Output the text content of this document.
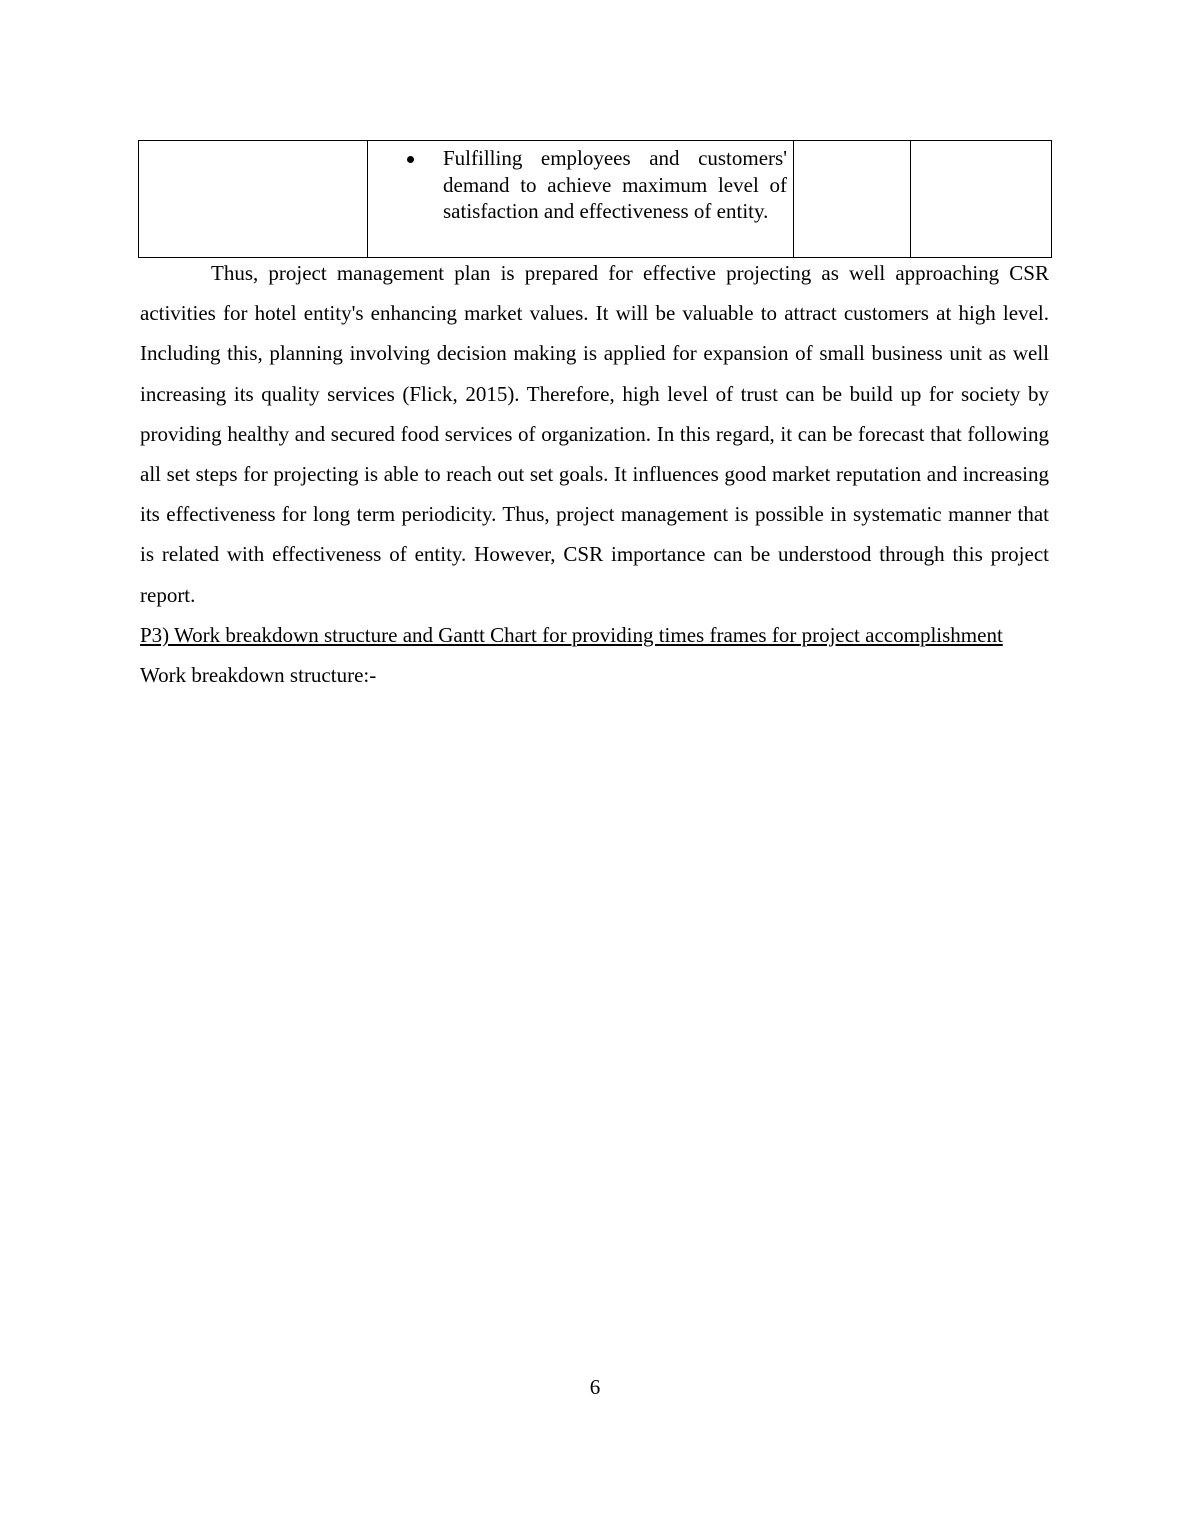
Fulfilling employees and customers' demand to achieve maximum level of satisfaction and effectiveness of entity.

Thus, project management plan is prepared for effective projecting as well approaching CSR activities for hotel entity's enhancing market values. It will be valuable to attract customers at high level. Including this, planning involving decision making is applied for expansion of small business unit as well increasing its quality services (Flick, 2015). Therefore, high level of trust can be build up for society by providing healthy and secured food services of organization. In this regard, it can be forecast that following all set steps for projecting is able to reach out set goals. It influences good market reputation and increasing its effectiveness for long term periodicity. Thus, project management is possible in systematic manner that is related with effectiveness of entity. However, CSR importance can be understood through this project report.

P3) Work breakdown structure and Gantt Chart for providing times frames for project accomplishment

Work breakdown structure:-

6
